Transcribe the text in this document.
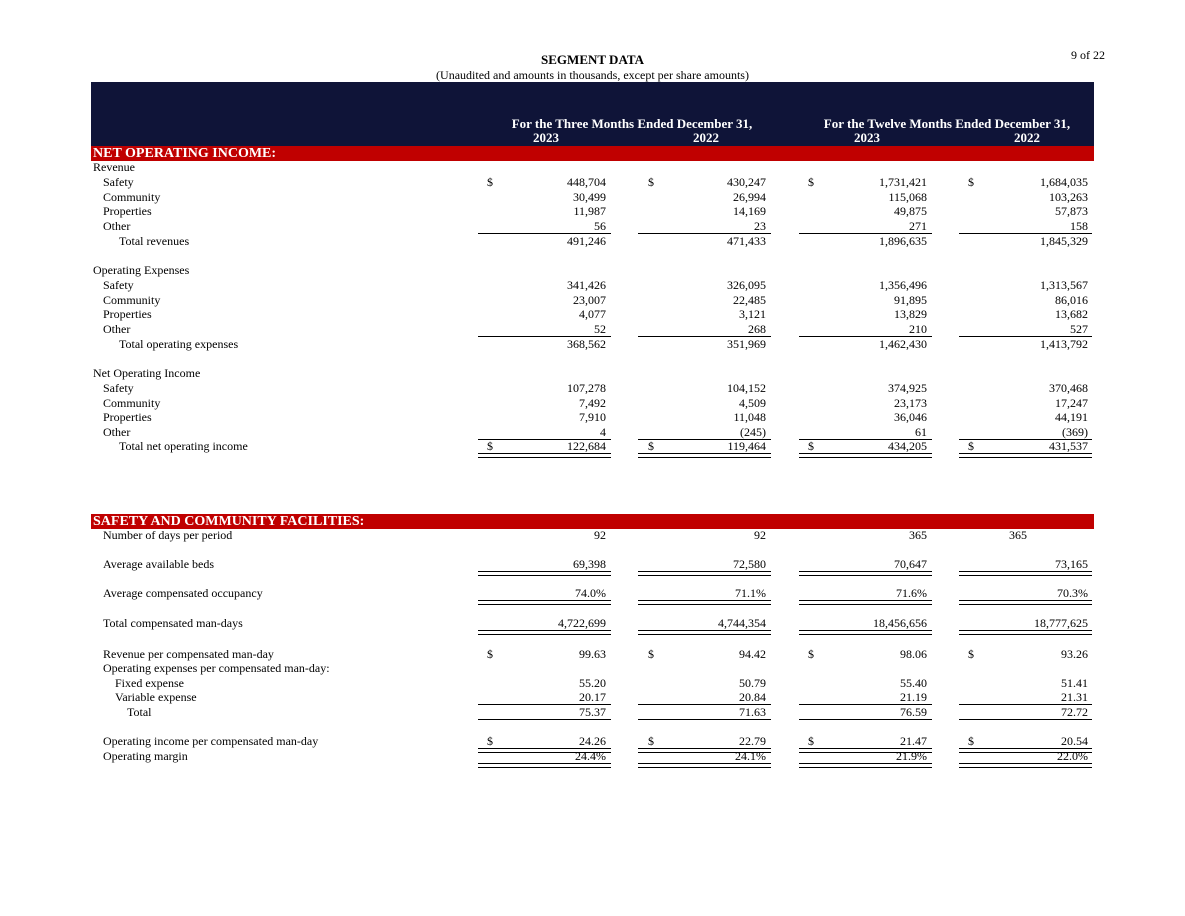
9 of 22
SEGMENT DATA
(Unaudited and amounts in thousands, except per share amounts)
For the Three Months Ended December 31,	For the Twelve Months Ended December 31,
2023	2022	2023	2022
NET OPERATING INCOME:
SAFETY AND COMMUNITY FACILITIES:
Revenue
Safety	$	448,704	$	430,247	$	1,731,421	$	1,684,035
Community	30,499	26,994	115,068	103,263
Properties	11,987	14,169	49,875	57,873
Other	56	23	271	158
Total revenues	491,246	471,433	1,896,635	1,845,329
Operating Expenses
Safety	341,426	326,095	1,356,496	1,313,567
Community	23,007	22,485	91,895	86,016
Properties	4,077	3,121	13,829	13,682
Other	52	268	210	527
Total operating expenses	368,562	351,969	1,462,430	1,413,792
Net Operating Income
Safety	107,278	104,152	374,925	370,468
Community	7,492	4,509	23,173	17,247
Properties	7,910	11,048	36,046	44,191
Other	4	(245)	61	(369)
Total net operating income	$	122,684	$	119,464	$	434,205	$	431,537
Number of days per period	92	92	365	365
Average available beds	69,398	72,580	70,647	73,165
Average compensated occupancy	74.0%	71.1%	71.6%	70.3%
Total compensated man-days	4,722,699	4,744,354	18,456,656	18,777,625
Revenue per compensated man-day	$	99.63	$	94.42	$	98.06	$	93.26
Operating expenses per compensated man-day:
Fixed expense	55.20	50.79	55.40	51.41
Variable expense	20.17	20.84	21.19	21.31
Total	75.37	71.63	76.59	72.72
Operating income per compensated man-day	$	24.26	$	22.79	$	21.47	$	20.54
Operating margin	24.4%	24.1%	21.9%	22.0%
